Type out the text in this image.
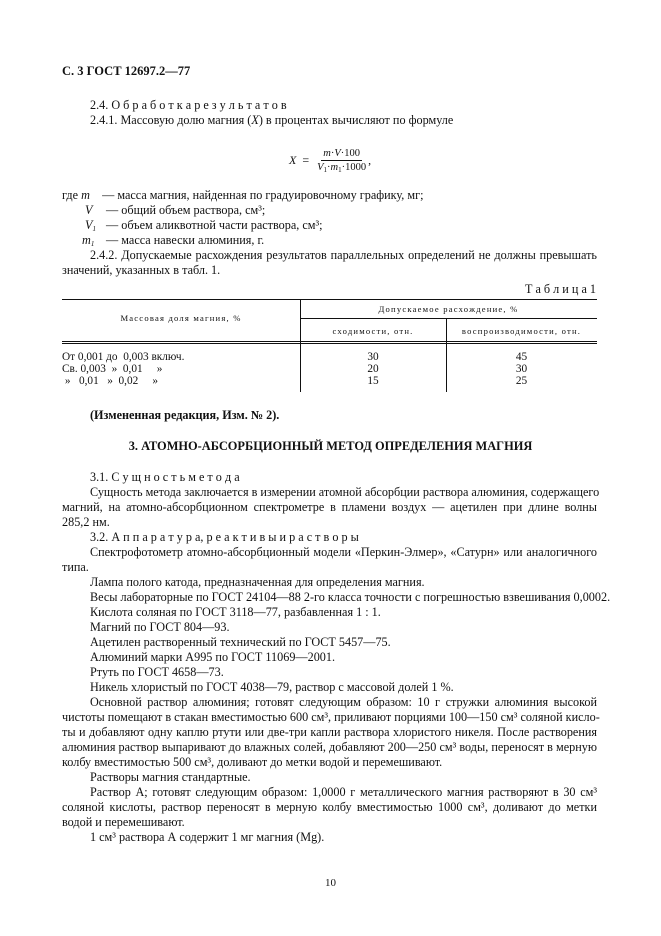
С. 3 ГОСТ 12697.2—77
2.4. О б р а б о т к а р е з у л ь т а т о в
2.4.1. Массовую долю магния (X) в процентах вычисляют по формуле
$X = \frac{m\cdot V\cdot 100}{V_1\cdot m_1\cdot 1000}$ ,
где m — масса магния, найденная по градуировочному графику, мг;
V — общий объем раствора, см³;
$V_1$ — объем аликвотной части раствора, см³;
$m_1$ — масса навески алюминия, г.
2.4.2. Допускаемые расхождения результатов параллельных определений не должны превышать
значений, указанных в табл. 1.
Т а б л и ц а 1
Массовая доля магния, %
Допускаемое расхождение, %
сходимости, отн.	воспроизводимости, отн.
От 0,001 до  0,003 включ.	30	45
Св. 0,003  »  0,01     »	20	30
»   0,01   »  0,02     »	15	25
(Измененная редакция, Изм. № 2).
3. АТОМНО-АБСОРБЦИОННЫЙ МЕТОД ОПРЕДЕЛЕНИЯ МАГНИЯ
3.1. С у щ н о с т ь м е т о д а
Сущность метода заключается в измерении атомной абсорбции раствора алюминия, содержащего
магний, на атомно-абсорбционном спектрометре в пламени воздух — ацетилен при длине волны
285,2 нм.
3.2. А п п а р а т у р а, р е а к т и в ы и р а с т в о р ы
Спектрофотометр атомно-абсорбционный модели «Перкин-Элмер», «Сатурн» или аналогичного
типа.
Лампа полого катода, предназначенная для определения магния.
Весы лабораторные по ГОСТ 24104—88 2-го класса точности с погрешностью взвешивания 0,0002.
Кислота соляная по ГОСТ 3118—77, разбавленная 1 : 1.
Магний по ГОСТ 804—93.
Ацетилен растворенный технический по ГОСТ 5457—75.
Алюминий марки А995 по ГОСТ 11069—2001.
Ртуть по ГОСТ 4658—73.
Никель хлористый по ГОСТ 4038—79, раствор с массовой долей 1 %.
Основной раствор алюминия; готовят следующим образом: 10 г стружки алюминия высокой
чистоты помещают в стакан вместимостью 600 см³, приливают порциями 100—150 см³ соляной кисло-
ты и добавляют одну каплю ртути или две-три капли раствора хлористого никеля. После растворения
алюминия раствор выпаривают до влажных солей, добавляют 200—250 см³ воды, переносят в мерную
колбу вместимостью 500 см³, доливают до метки водой и перемешивают.
Растворы магния стандартные.
Раствор А; готовят следующим образом: 1,0000 г металлического магния растворяют в 30 см³
соляной кислоты, раствор переносят в мерную колбу вместимостью 1000 см³, доливают до метки
водой и перемешивают.
1 см³ раствора А содержит 1 мг магния (Mg).
10
